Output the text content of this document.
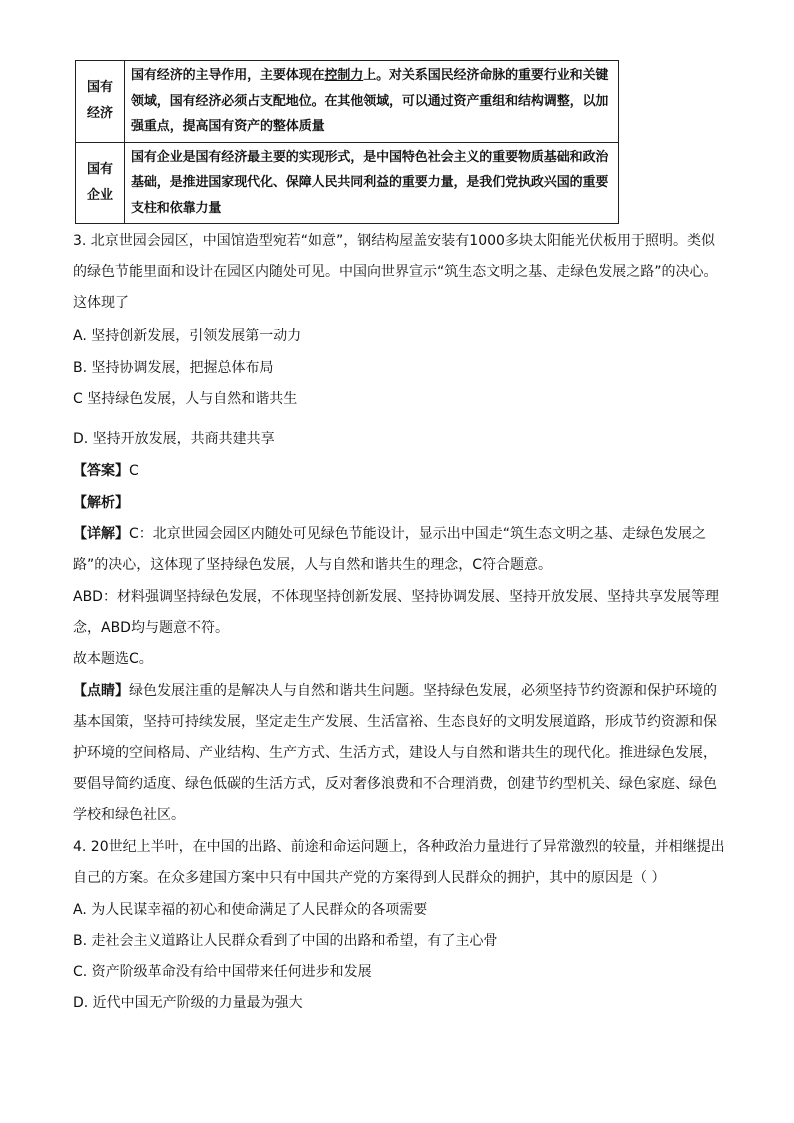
国有
经济	国有经济的主导作用，主要体现在控制力上。对关系国民经济命脉的重要行业和关键领域，国有经济必须占支配地位。在其他领域，可以通过资产重组和结构调整，以加强重点，提高国有资产的整体质量

国有
企业	国有企业是国有经济最主要的实现形式，是中国特色社会主义的重要物质基础和政治基础，是推进国家现代化、保障人民共同利益的重要力量，是我们党执政兴国的重要支柱和依靠力量

3. 北京世园会园区，中国馆造型宛若“如意”，钢结构屋盖安装有1000多块太阳能光伏板用于照明。类似的绿色节能里面和设计在园区内随处可见。中国向世界宣示“筑生态文明之基、走绿色发展之路”的决心。这体现了

A. 坚持创新发展，引领发展第一动力

B. 坚持协调发展，把握总体布局

C 坚持绿色发展，人与自然和谐共生

D. 坚持开放发展，共商共建共享

【答案】C

【解析】

【详解】C：北京世园会园区内随处可见绿色节能设计，显示出中国走“筑生态文明之基、走绿色发展之路”的决心，这体现了坚持绿色发展，人与自然和谐共生的理念，C符合题意。

ABD：材料强调坚持绿色发展，不体现坚持创新发展、坚持协调发展、坚持开放发展、坚持共享发展等理念，ABD均与题意不符。

故本题选C。

【点睛】绿色发展注重的是解决人与自然和谐共生问题。坚持绿色发展，必须坚持节约资源和保护环境的基本国策，坚持可持续发展，坚定走生产发展、生活富裕、生态良好的文明发展道路，形成节约资源和保护环境的空间格局、产业结构、生产方式、生活方式，建设人与自然和谐共生的现代化。推进绿色发展，要倡导简约适度、绿色低碳的生活方式，反对奢侈浪费和不合理消费，创建节约型机关、绿色家庭、绿色学校和绿色社区。

4. 20世纪上半叶，在中国的出路、前途和命运问题上，各种政治力量进行了异常激烈的较量，并相继提出自己的方案。在众多建国方案中只有中国共产党的方案得到人民群众的拥护，其中的原因是（ ）

A. 为人民谋幸福的初心和使命满足了人民群众的各项需要

B. 走社会主义道路让人民群众看到了中国的出路和希望，有了主心骨

C. 资产阶级革命没有给中国带来任何进步和发展

D. 近代中国无产阶级的力量最为强大
